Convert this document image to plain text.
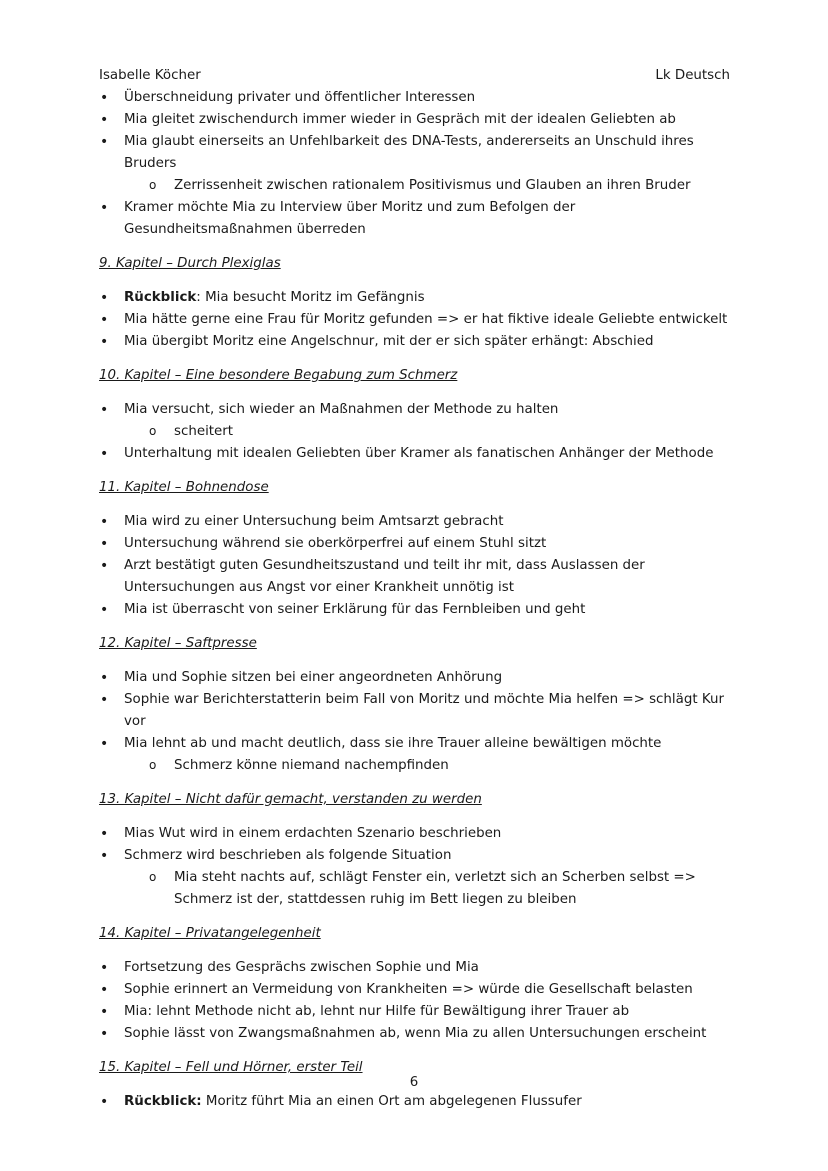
Isabelle Köcher	Lk Deutsch
• Überschneidung privater und öffentlicher Interessen
• Mia gleitet zwischendurch immer wieder in Gespräch mit der idealen Geliebten ab
• Mia glaubt einerseits an Unfehlbarkeit des DNA-Tests, andererseits an Unschuld ihres Bruders
o Zerrissenheit zwischen rationalem Positivismus und Glauben an ihren Bruder
• Kramer möchte Mia zu Interview über Moritz und zum Befolgen der Gesundheitsmaßnahmen überreden
9. Kapitel – Durch Plexiglas
• Rückblick: Mia besucht Moritz im Gefängnis
• Mia hätte gerne eine Frau für Moritz gefunden => er hat fiktive ideale Geliebte entwickelt
• Mia übergibt Moritz eine Angelschnur, mit der er sich später erhängt: Abschied
10. Kapitel – Eine besondere Begabung zum Schmerz
• Mia versucht, sich wieder an Maßnahmen der Methode zu halten
o scheitert
• Unterhaltung mit idealen Geliebten über Kramer als fanatischen Anhänger der Methode
11. Kapitel – Bohnendose
• Mia wird zu einer Untersuchung beim Amtsarzt gebracht
• Untersuchung während sie oberkörperfrei auf einem Stuhl sitzt
• Arzt bestätigt guten Gesundheitszustand und teilt ihr mit, dass Auslassen der Untersuchungen aus Angst vor einer Krankheit unnötig ist
• Mia ist überrascht von seiner Erklärung für das Fernbleiben und geht
12. Kapitel – Saftpresse
• Mia und Sophie sitzen bei einer angeordneten Anhörung
• Sophie war Berichterstatterin beim Fall von Moritz und möchte Mia helfen => schlägt Kur vor
• Mia lehnt ab und macht deutlich, dass sie ihre Trauer alleine bewältigen möchte
o Schmerz könne niemand nachempfinden
13. Kapitel – Nicht dafür gemacht, verstanden zu werden
• Mias Wut wird in einem erdachten Szenario beschrieben
• Schmerz wird beschrieben als folgende Situation
o Mia steht nachts auf, schlägt Fenster ein, verletzt sich an Scherben selbst => Schmerz ist der, stattdessen ruhig im Bett liegen zu bleiben
14. Kapitel – Privatangelegenheit
• Fortsetzung des Gesprächs zwischen Sophie und Mia
• Sophie erinnert an Vermeidung von Krankheiten => würde die Gesellschaft belasten
• Mia: lehnt Methode nicht ab, lehnt nur Hilfe für Bewältigung ihrer Trauer ab
• Sophie lässt von Zwangsmaßnahmen ab, wenn Mia zu allen Untersuchungen erscheint
15. Kapitel – Fell und Hörner, erster Teil
• Rückblick: Moritz führt Mia an einen Ort am abgelegenen Flussufer
6
